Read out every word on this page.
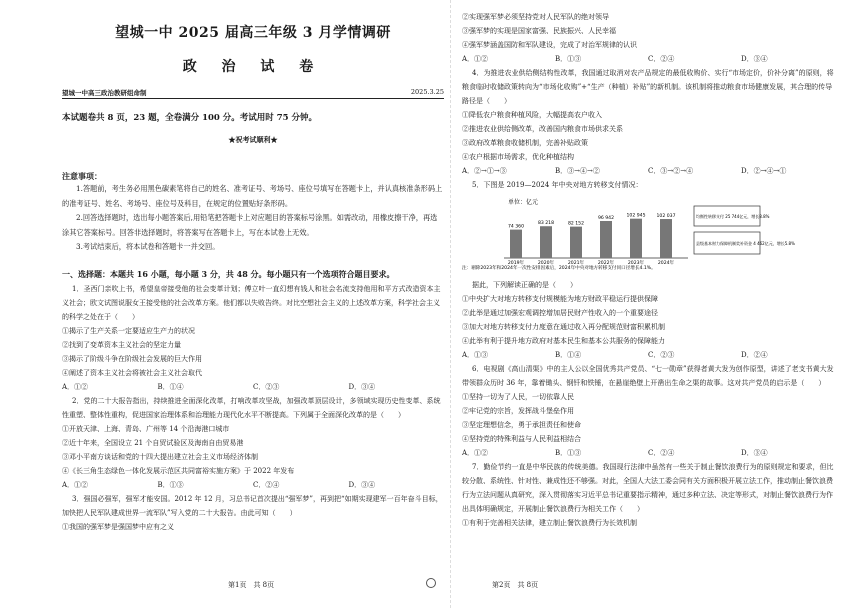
望城一中 2025 届高三年级 3 月学情调研
政 治 试 卷
望城一中高三政治教研组命制	2025.3.25
本试题卷共 8 页，23 题，全卷满分 100 分。考试用时 75 分钟。
★祝考试顺利★
注意事项：

1.答题前，考生务必用黑色碳素笔将自己的姓名、准考证号、考场号、座位号填写在答题卡上，并认真核准条形码上的准考证号、姓名、考场号、座位号及科目，在规定的位置贴好条形码。

2.回答选择题时，选出每小题答案后,用铅笔把答题卡上对应题目的答案标号涂黑。如需改动，用橡皮擦干净，再选涂其它答案标号。回答非选择题时，将答案写在答题卡上，写在本试卷上无效。

3.考试结束后，将本试卷和答题卡一并交回。

一、选择题：本题共 16 小题，每小题 3 分，共 48 分。每小题只有一个选项符合题目要求。

1．圣西门亲吹上书，希望皇帝接受他的社会变革计划；傅立叶一直幻想有钱人和社会名流支持他用和平方式改造资本主义社会；欧文试图说服女王接受他的社会改革方案。他们都以失败告终。对比空想社会主义的上述改革方案，科学社会主义的科学之处在于（　　）

①揭示了生产关系一定要适应生产力的状况

②找到了变革资本主义社会的坚定力量

③揭示了阶级斗争在阶级社会发展的巨大作用

④阐述了资本主义社会将被社会主义社会取代

A．①②	B．①④	C．②③	D．③④

2．党的二十大报告指出，持续推进全面深化改革，打响改革攻坚战，加强改革顶层设计，多领域实现历史性变革、系统性重塑、整体性重构，促进国家治理体系和治理能力现代化水平不断提高。下列属于全面深化改革的是（　　）

①开放天津、上海、青岛、广州等 14 个沿海港口城市

②近十年来，全国设立 21 个自贸试验区及海南自由贸易港

③邓小平南方谈话和党的十四大提出建立社会主义市场经济体制

④《长三角生态绿色一体化发展示范区共同富裕实施方案》于 2022 年发布

A．①②	B．①③	C．②④	D．③④

3．强国必强军，强军才能安国。2012 年 12 月，习总书记首次提出“强军梦”，再到把“如期实现建军一百年奋斗目标，加快把人民军队建成世界一流军队”写入党的二十大报告。由此可知（　　）

①我国的强军梦是强国梦中应有之义

②实现强军梦必须坚持党对人民军队的绝对领导

③强军梦的实现是国家富强、民族振兴、人民幸福

④强军梦涵盖国防和军队建设，完成了对治军规律的认识

A．①②	B．①③	C．②④	D．③④

4．为推进农业供给侧结构性改革，我国通过取消对农产品规定的最低收购价、实行“市场定价，价补分离”的原则，将粮食临时收储政策转向为“市场化收购”+“生产（种植）补贴”的新机制。该机制将推动粮食市场健康发展，其合理的传导路径是（　　）

①降低农户粮食种植风险，大幅提高农户收入

②推进农业供给侧改革，改善国内粮食市场供求关系

③政府改革粮食收储机制，完善补贴政策

④农户根据市场需求，优化种植结构

A．②→①→③	B．③→④→②	C．③→②→④	D．②→④→①

5．下图是 2019—2024 年中央对地方转移支付情况：

单位：亿元
74 360
2019年
83 218
2020年
82 152
2021年
96 942
2022年
102 945
2023年
102 037
2024年
均衡性转移支付 25 744亿元，增长8.8%
县级基本财力保障机制奖补资金 4 462亿元，增长5.8%
注：剔除2023年和2024年一次性安排因素后，2024年中央对地方转移支付同口径增长4.1%。

据此，下列解读正确的是（　　）

①中央扩大对地方转移支付规模能为地方财政平稳运行提供保障

②此举是通过加强宏观调控增加居民财产性收入的一个重要途径

③加大对地方转移支付力度意在通过收入再分配规范财富积累机制

④此举有利于提升地方政府对基本民生和基本公共服务的保障能力

A．①③	B．①④	C．②③	D．②④

6．电视剧《高山清渠》中的主人公以全国优秀共产党员、“七一勋章”获得者黄大发为创作原型，讲述了老支书黄大发带领群众历时 36 年，靠着锄头、钢钎和铁锤，在悬崖绝壁上开凿出生命之渠的故事。这对共产党员的启示是（　　）

①坚持一切为了人民，一切依靠人民

②牢记党的宗旨，发挥战斗堡垒作用

③坚定理想信念，勇于承担责任和使命

④坚持党的特殊利益与人民利益相结合

A．①②	B．①③	C．②④	D．③④

7．勤俭节约一直是中华民族的传统美德。我国现行法律中虽然有一些关于制止餐饮浪费行为的原则规定和要求，但比较分散、系统性、针对性、兼成性还不够强。对此，全国人大法工委会同有关方面积极开展立法工作，推动制止餐饮浪费行为立法问题从真研究，深入贯彻落实习近平总书记重要指示精神，通过多种立法、决定等形式，对制止餐饮浪费行为作出具体明确规定，开展制止餐饮浪费行为相关工作（　　）

①有利于完善相关法律，建立制止餐饮浪费行为长效机制

第1页　共 8页	第2页　共 8页
